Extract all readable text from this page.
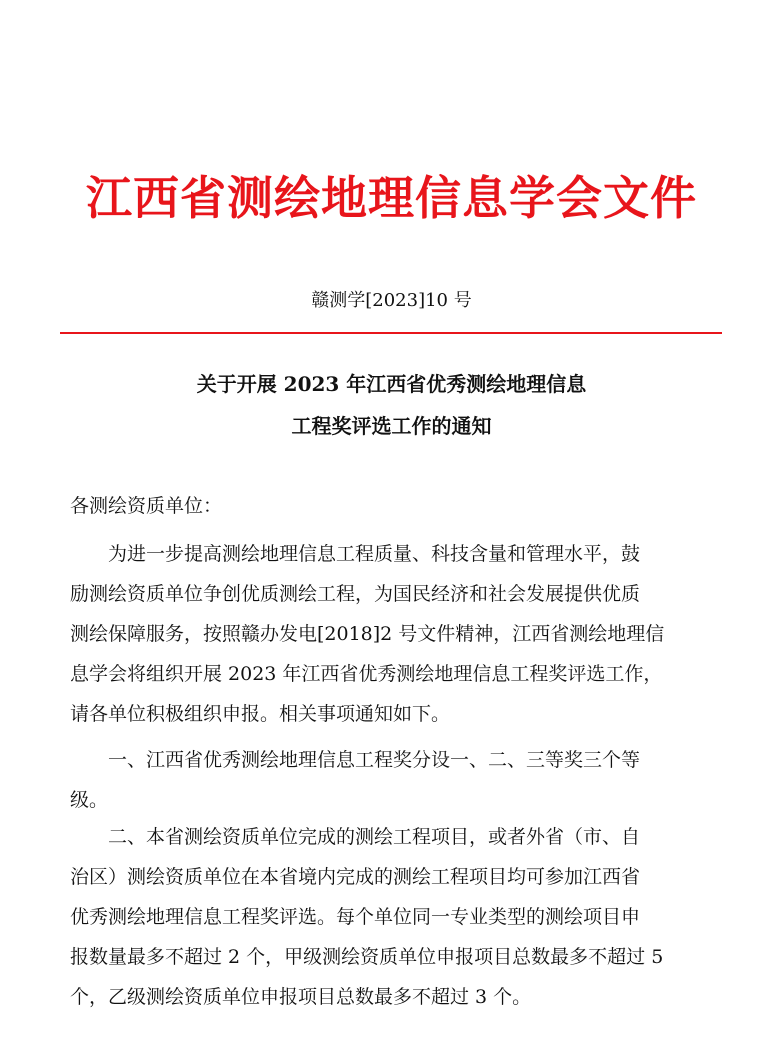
江西省测绘地理信息学会文件
赣测学[2023]10 号
关于开展 2023 年江西省优秀测绘地理信息
工程奖评选工作的通知
各测绘资质单位：
为进一步提高测绘地理信息工程质量、科技含量和管理水平，鼓
励测绘资质单位争创优质测绘工程，为国民经济和社会发展提供优质
测绘保障服务，按照赣办发电[2018]2 号文件精神，江西省测绘地理信
息学会将组织开展 2023 年江西省优秀测绘地理信息工程奖评选工作，
请各单位积极组织申报。相关事项通知如下。
一、江西省优秀测绘地理信息工程奖分设一、二、三等奖三个等
级。
二、本省测绘资质单位完成的测绘工程项目，或者外省（市、自
治区）测绘资质单位在本省境内完成的测绘工程项目均可参加江西省
优秀测绘地理信息工程奖评选。每个单位同一专业类型的测绘项目申
报数量最多不超过 2 个，甲级测绘资质单位申报项目总数最多不超过 5
个，乙级测绘资质单位申报项目总数最多不超过 3 个。
